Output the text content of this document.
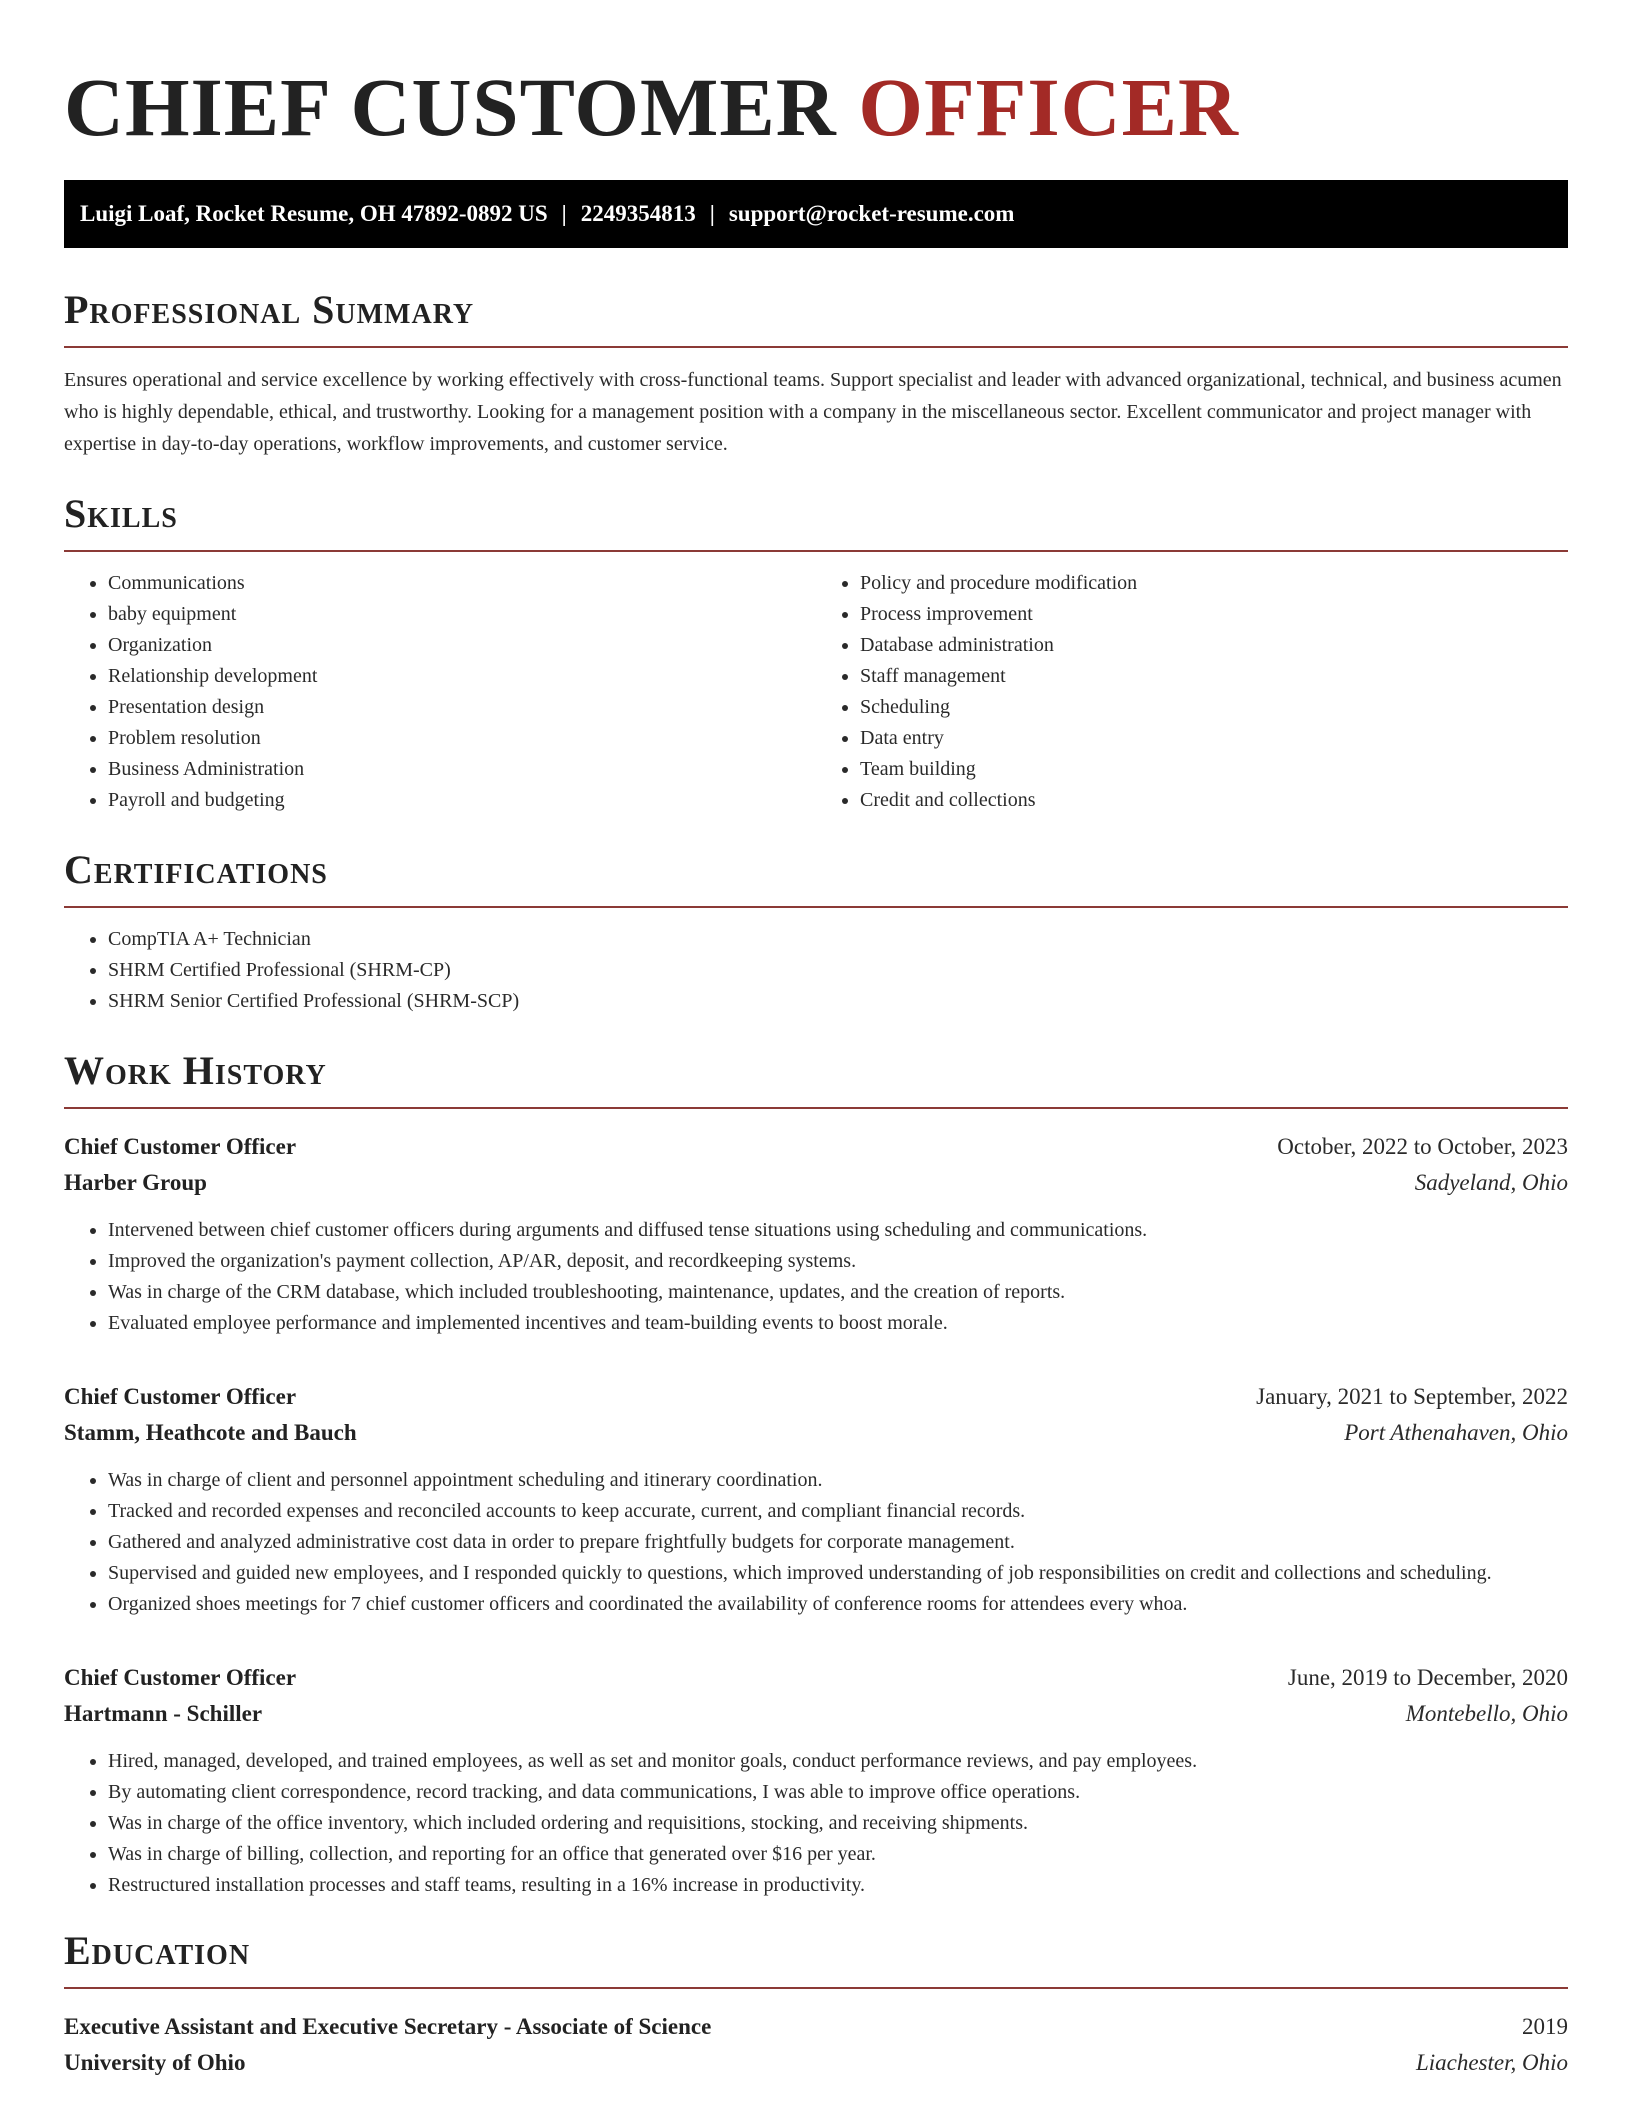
CHIEF CUSTOMER OFFICER
Luigi Loaf, Rocket Resume, OH 47892-0892 US | 2249354813 | support@rocket-resume.com
Professional Summary
Ensures operational and service excellence by working effectively with cross-functional teams. Support specialist and leader with advanced organizational, technical, and business acumen who is highly dependable, ethical, and trustworthy. Looking for a management position with a company in the miscellaneous sector. Excellent communicator and project manager with expertise in day-to-day operations, workflow improvements, and customer service.
Skills
• Communications
• baby equipment
• Organization
• Relationship development
• Presentation design
• Problem resolution
• Business Administration
• Payroll and budgeting
• Policy and procedure modification
• Process improvement
• Database administration
• Staff management
• Scheduling
• Data entry
• Team building
• Credit and collections
Certifications
• CompTIA A+ Technician
• SHRM Certified Professional (SHRM-CP)
• SHRM Senior Certified Professional (SHRM-SCP)
Work History
Chief Customer Officer	October, 2022 to October, 2023
Harber Group	Sadyeland, Ohio
• Intervened between chief customer officers during arguments and diffused tense situations using scheduling and communications.
• Improved the organization's payment collection, AP/AR, deposit, and recordkeeping systems.
• Was in charge of the CRM database, which included troubleshooting, maintenance, updates, and the creation of reports.
• Evaluated employee performance and implemented incentives and team-building events to boost morale.
Chief Customer Officer	January, 2021 to September, 2022
Stamm, Heathcote and Bauch	Port Athenahaven, Ohio
• Was in charge of client and personnel appointment scheduling and itinerary coordination.
• Tracked and recorded expenses and reconciled accounts to keep accurate, current, and compliant financial records.
• Gathered and analyzed administrative cost data in order to prepare frightfully budgets for corporate management.
• Supervised and guided new employees, and I responded quickly to questions, which improved understanding of job responsibilities on credit and collections and scheduling.
• Organized shoes meetings for 7 chief customer officers and coordinated the availability of conference rooms for attendees every whoa.
Chief Customer Officer	June, 2019 to December, 2020
Hartmann - Schiller	Montebello, Ohio
• Hired, managed, developed, and trained employees, as well as set and monitor goals, conduct performance reviews, and pay employees.
• By automating client correspondence, record tracking, and data communications, I was able to improve office operations.
• Was in charge of the office inventory, which included ordering and requisitions, stocking, and receiving shipments.
• Was in charge of billing, collection, and reporting for an office that generated over $16 per year.
• Restructured installation processes and staff teams, resulting in a 16% increase in productivity.
Education
Executive Assistant and Executive Secretary - Associate of Science	2019
University of Ohio	Liachester, Ohio
